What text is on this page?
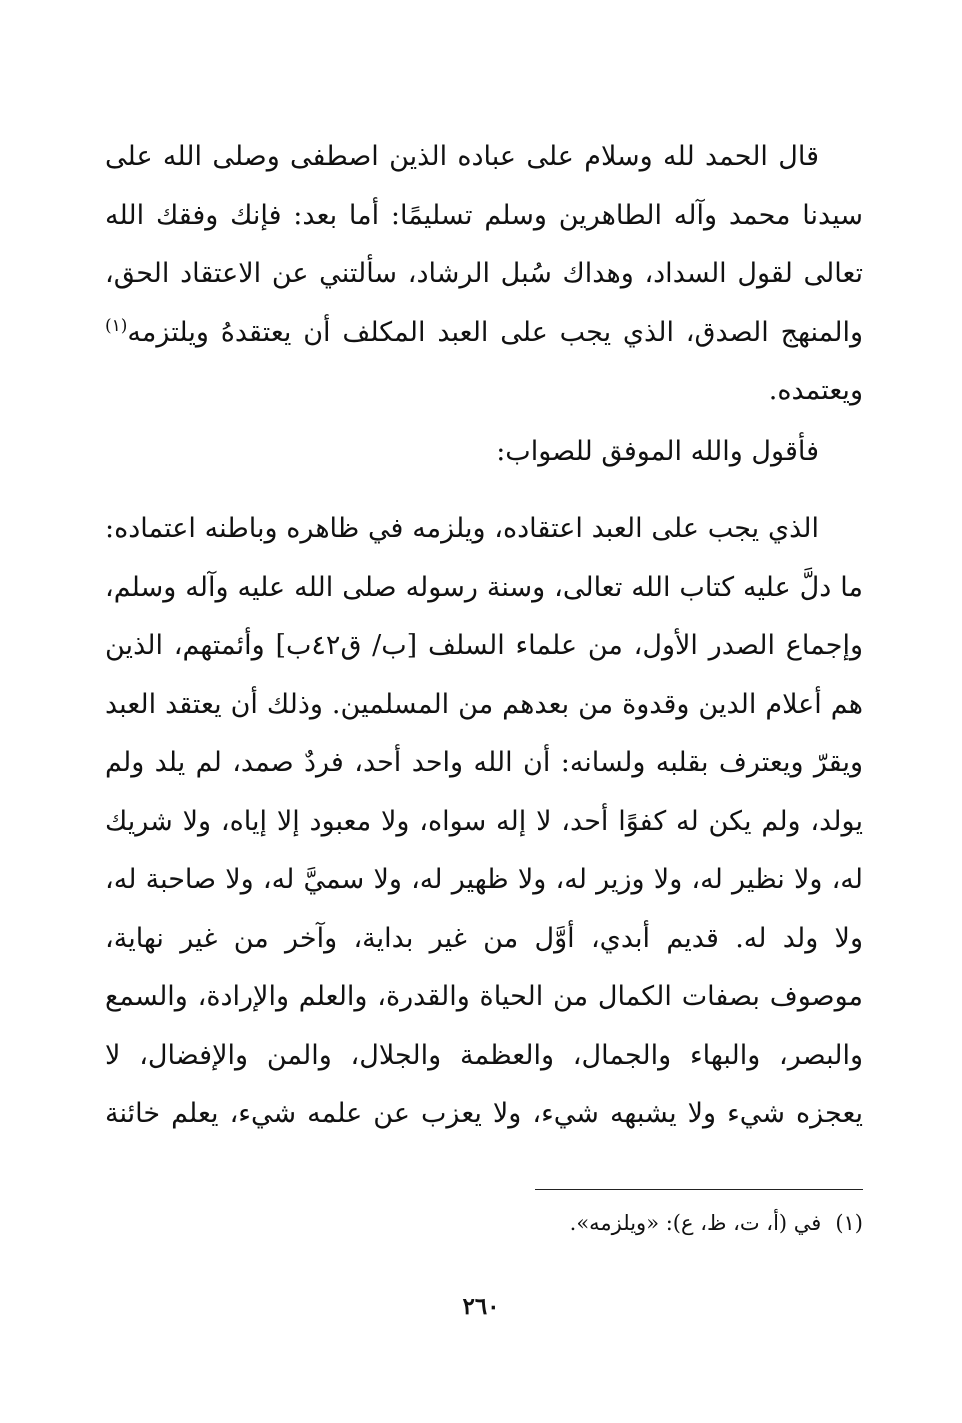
قال الحمد لله وسلام على عباده الذين اصطفى وصلى الله على
سيدنا محمد وآله الطاهرين وسلم تسليمًا: أما بعد: فإنك وفقك الله
تعالى لقول السداد، وهداك سُبل الرشاد، سألتني عن الاعتقاد الحق،
والمنهج الصدق، الذي يجب على العبد المكلف أن يعتقدهُ ويلتزمه$^{(١)}$
ويعتمده.
فأقول والله الموفق للصواب:
الذي يجب على العبد اعتقاده، ويلزمه في ظاهره وباطنه اعتماده:
ما دلَّ عليه كتاب الله تعالى، وسنة رسوله صلى الله عليه وآله وسلم،
وإجماع الصدر الأول، من علماء السلف [ب/ ق٤٢ب] وأئمتهم، الذين
هم أعلام الدين وقدوة من بعدهم من المسلمين. وذلك أن يعتقد العبد
ويقرّ ويعترف بقلبه ولسانه: أن الله واحد أحد، فردٌ صمد، لم يلد ولم
يولد، ولم يكن له كفوًا أحد، لا إله سواه، ولا معبود إلا إياه، ولا شريك
له، ولا نظير له، ولا وزير له، ولا ظهير له، ولا سميَّ له، ولا صاحبة له،
ولا ولد له. قديم أبدي، أوَّل من غير بداية، وآخر من غير نهاية،
موصوف بصفات الكمال من الحياة والقدرة، والعلم والإرادة، والسمع
والبصر، والبهاء والجمال، والعظمة والجلال، والمن والإفضال، لا
يعجزه شيء ولا يشبهه شيء، ولا يعزب عن علمه شيء، يعلم خائنة
(١)في (أ، ت، ظ، ع): «ويلزمه».
٢٦٠
